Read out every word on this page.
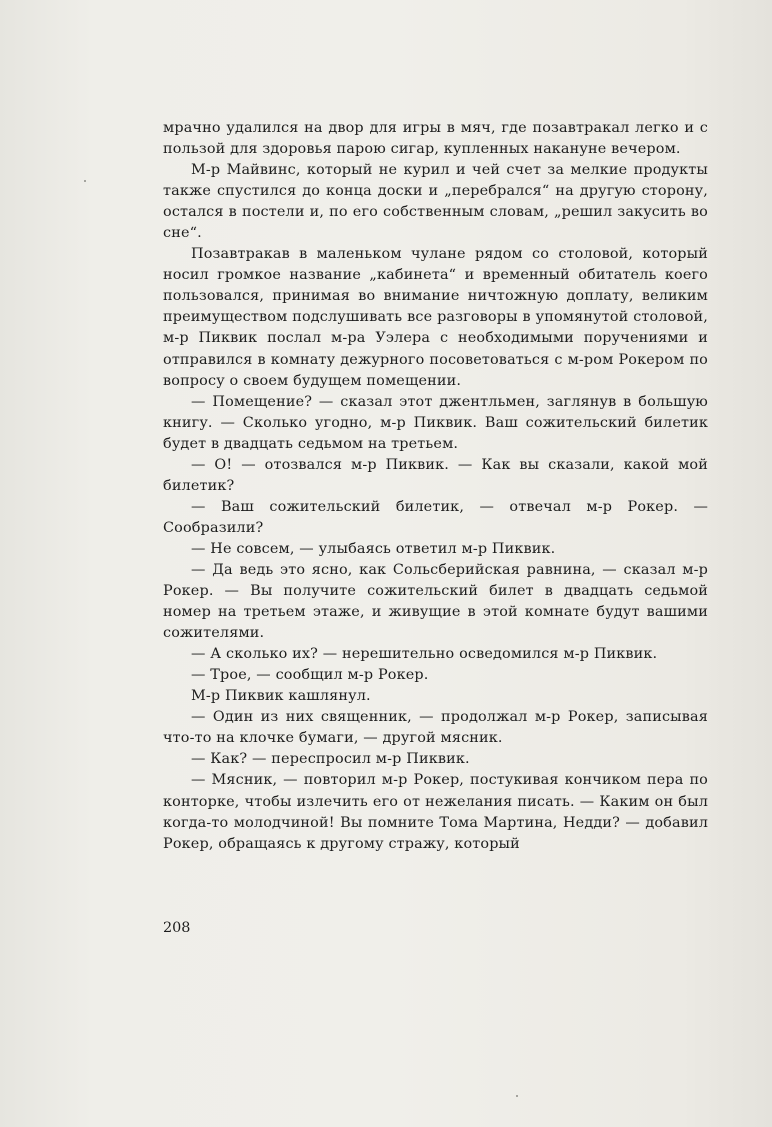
мрачно удалился на двор для игры в мяч, где позавтракал легко и с пользой для здоровья парою сигар, купленных накануне вечером.

М-р Майвинс, который не курил и чей счет за мелкие продукты также спустился до конца доски и „перебрался“ на другую сторону, остался в постели и, по его собственным словам, „решил закусить во сне“.

Позавтракав в маленьком чулане рядом со столовой, который носил громкое название „кабинета“ и временный обитатель коего пользовался, принимая во внимание ничтожную доплату, великим преимуществом подслушивать все разговоры в упомянутой столовой, м-р Пиквик послал м-ра Уэлера с необходимыми поручениями и отправился в комнату дежурного посоветоваться с м-ром Рокером по вопросу о своем будущем помещении.

— Помещение? — сказал этот джентльмен, заглянув в большую книгу. — Сколько угодно, м-р Пиквик. Ваш сожительский билетик будет в двадцать седьмом на третьем.

— О! — отозвался м-р Пиквик. — Как вы сказали, какой мой билетик?

— Ваш сожительский билетик, — отвечал м-р Рокер. — Сообразили?

— Не совсем, — улыбаясь ответил м-р Пиквик.

— Да ведь это ясно, как Сольсберийская равнина, — сказал м-р Рокер. — Вы получите сожительский билет в двадцать седьмой номер на третьем этаже, и живущие в этой комнате будут вашими сожителями.

— А сколько их? — нерешительно осведомился м-р Пиквик.

— Трое, — сообщил м-р Рокер.

М-р Пиквик кашлянул.

— Один из них священник, — продолжал м-р Рокер, записывая что-то на клочке бумаги, — другой мясник.

— Как? — переспросил м-р Пиквик.

— Мясник, — повторил м-р Рокер, постукивая кончиком пера по конторке, чтобы излечить его от нежелания писать. — Каким он был когда-то молодчиной! Вы помните Тома Мартина, Недди? — добавил Рокер, обращаясь к другому стражу, который

208
